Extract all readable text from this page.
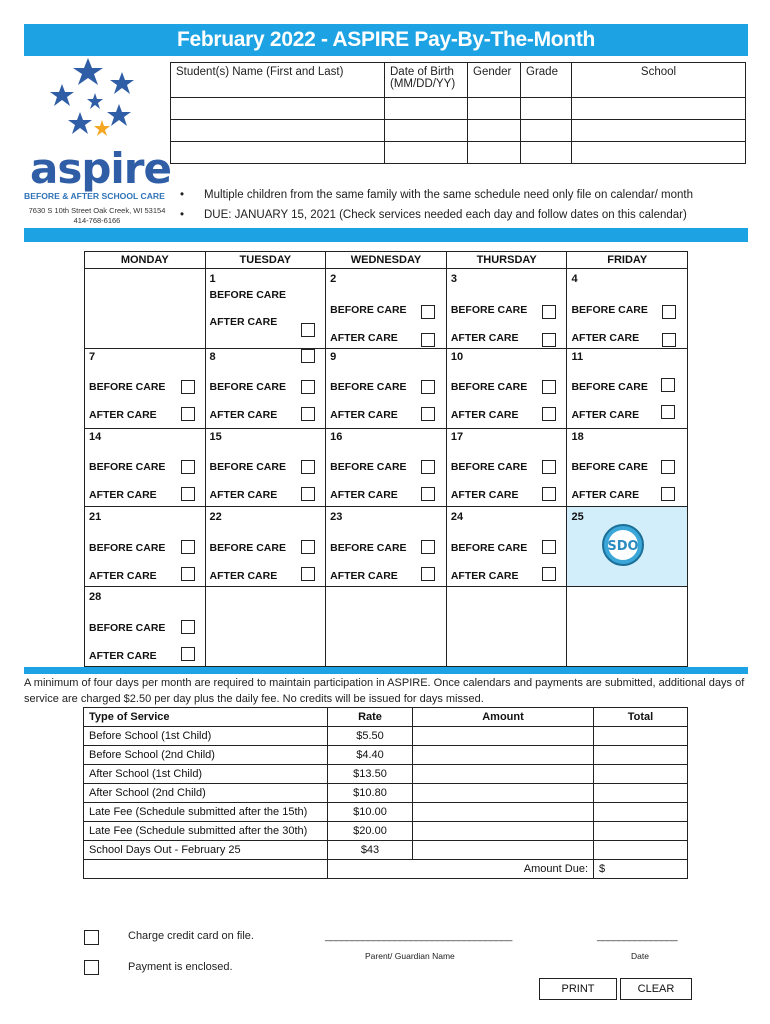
February 2022 - ASPIRE Pay-By-The-Month
aspire
BEFORE & AFTER SCHOOL CARE
7630 S 10th Street Oak Creek, WI 53154
414-768-6166
Student(s) Name (First and Last)	Date of Birth (MM/DD/YY)	Gender	Grade	School

• Multiple children from the same family with the same schedule need only file on calendar/ month
• DUE: JANUARY 15, 2021 (Check services needed each day and follow dates on this calendar)
MONDAY	TUESDAY	WEDNESDAY	THURSDAY	FRIDAY

	1
BEFORE CARE
AFTER CARE	2
BEFORE CARE
AFTER CARE	3
BEFORE CARE
AFTER CARE	4
BEFORE CARE
AFTER CARE

7
BEFORE CARE
AFTER CARE	8
BEFORE CARE
AFTER CARE	9
BEFORE CARE
AFTER CARE	10
BEFORE CARE
AFTER CARE	11
BEFORE CARE
AFTER CARE

14
BEFORE CARE
AFTER CARE	15
BEFORE CARE
AFTER CARE	16
BEFORE CARE
AFTER CARE	17
BEFORE CARE
AFTER CARE	18
BEFORE CARE
AFTER CARE

21
BEFORE CARE
AFTER CARE	22
BEFORE CARE
AFTER CARE	23
BEFORE CARE
AFTER CARE	24
BEFORE CARE
AFTER CARE	25
SDO

28
BEFORE CARE
AFTER CARE				

A minimum of four days per month are required to maintain participation in ASPIRE. Once calendars and payments are submitted, additional days of service are charged $2.50 per day plus the daily fee. No credits will be issued for days missed.
Type of Service	Rate	Amount	Total
Before School (1st Child)	$5.50		
Before School (2nd Child)	$4.40		
After School (1st Child)	$13.50		
After School (2nd Child)	$10.80		
Late Fee (Schedule submitted after the 15th)	$10.00		
Late Fee (Schedule submitted after the 30th)	$20.00		
School Days Out - February 25	$43		
	Amount Due:		$
Charge credit card on file.
Payment is enclosed.
___________________________________	_______________
Parent/ Guardian Name	Date
PRINT	CLEAR
